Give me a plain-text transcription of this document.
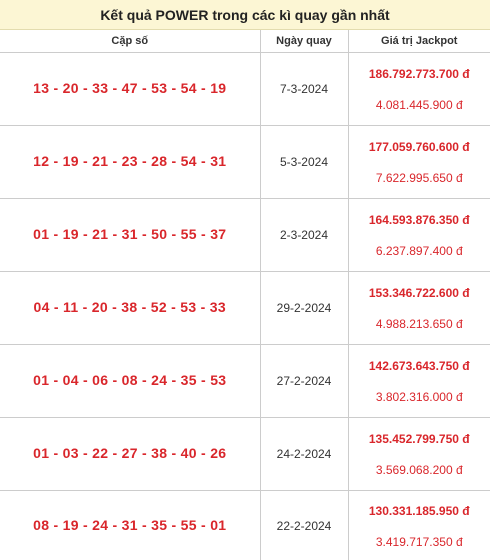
Kết quả POWER trong các kì quay gần nhất
Cặp số	Ngày quay	Giá trị Jackpot
13 - 20 - 33 - 47 - 53 - 54 - 19	7-3-2024	186.792.773.700 đ
4.081.445.900 đ

12 - 19 - 21 - 23 - 28 - 54 - 31	5-3-2024	177.059.760.600 đ
7.622.995.650 đ

01 - 19 - 21 - 31 - 50 - 55 - 37	2-3-2024	164.593.876.350 đ
6.237.897.400 đ

04 - 11 - 20 - 38 - 52 - 53 - 33	29-2-2024	153.346.722.600 đ
4.988.213.650 đ

01 - 04 - 06 - 08 - 24 - 35 - 53	27-2-2024	142.673.643.750 đ
3.802.316.000 đ

01 - 03 - 22 - 27 - 38 - 40 - 26	24-2-2024	135.452.799.750 đ
3.569.068.200 đ

08 - 19 - 24 - 31 - 35 - 55 - 01	22-2-2024	130.331.185.950 đ
3.419.717.350 đ
